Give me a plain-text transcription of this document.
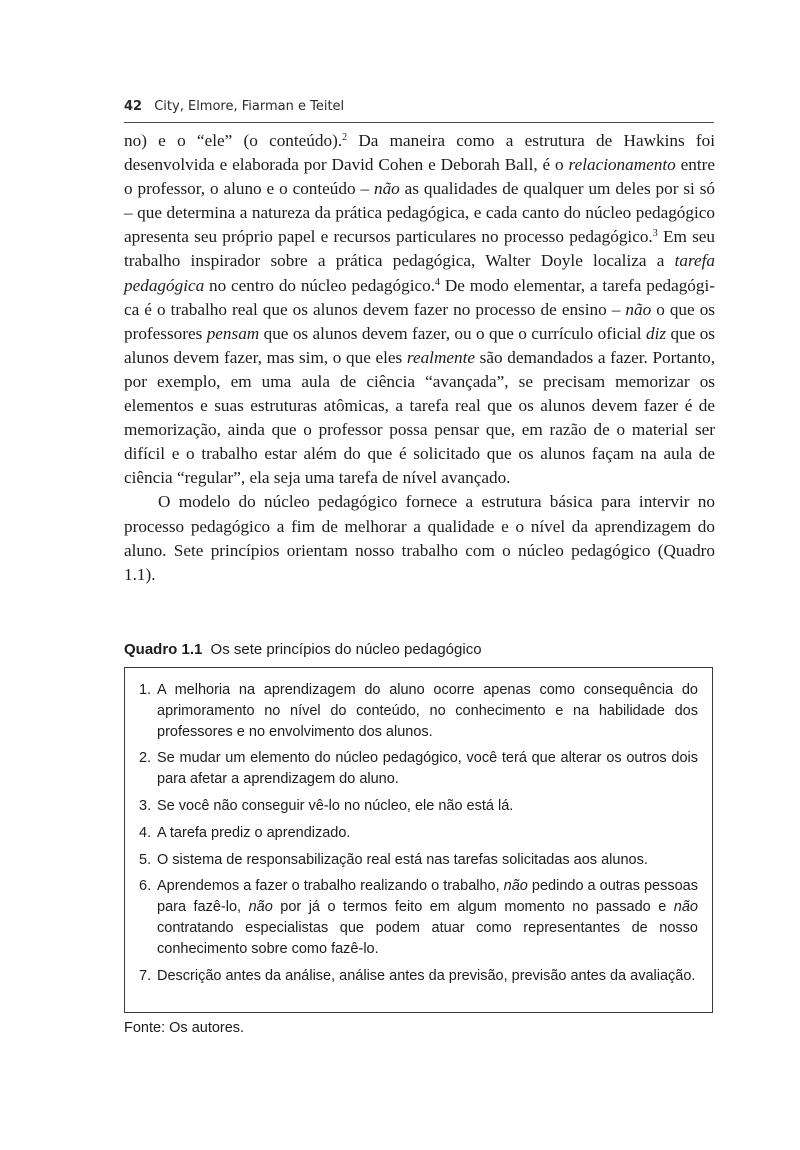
42 City, Elmore, Fiarman e Teitel

no) e o “ele” (o conteúdo).$^2$ Da maneira como a estrutura de Hawkins foi desenvolvida e elaborada por David Cohen e Deborah Ball, é o relacionamento entre o professor, o aluno e o conteúdo – não as qualidades de qualquer um deles por si só – que determina a natureza da prática pedagógica, e cada canto do núcleo pedagógico apresenta seu próprio papel e recursos particulares no processo pedagógico.$^3$ Em seu trabalho inspirador sobre a prática pedagógica, Walter Doyle localiza a tarefa pedagógica no centro do núcleo pedagógico.$^4$ De modo elementar, a tarefa pedagógica é o trabalho real que os alunos devem fazer no processo de ensino – não o que os professores pensam que os alunos devem fazer, ou o que o currículo oficial diz que os alunos devem fazer, mas sim, o que eles realmente são demandados a fazer. Portanto, por exemplo, em uma aula de ciência “avançada”, se precisam memorizar os elementos e suas estruturas atômicas, a tarefa real que os alunos devem fazer é de memorização, ainda que o professor possa pensar que, em razão de o material ser difícil e o trabalho estar além do que é solicitado que os alunos façam na aula de ciência “regular”, ela seja uma tarefa de nível avançado.

O modelo do núcleo pedagógico fornece a estrutura básica para intervir no processo pedagógico a fim de melhorar a qualidade e o nível da aprendizagem do aluno. Sete princípios orientam nosso trabalho com o núcleo pedagógico (Quadro 1.1).

Quadro 1.1 Os sete princípios do núcleo pedagógico
1. A melhoria na aprendizagem do aluno ocorre apenas como consequência do aprimoramento no nível do conteúdo, no conhecimento e na habilidade dos professores e no envolvimento dos alunos.
2. Se mudar um elemento do núcleo pedagógico, você terá que alterar os outros dois para afetar a aprendizagem do aluno.
3. Se você não conseguir vê-lo no núcleo, ele não está lá.
4. A tarefa prediz o aprendizado.
5. O sistema de responsabilização real está nas tarefas solicitadas aos alunos.
6. Aprendemos a fazer o trabalho realizando o trabalho, não pedindo a outras pessoas para fazê-lo, não por já o termos feito em algum momento no passado e não contratando especialistas que podem atuar como representantes de nosso conhecimento sobre como fazê-lo.
7. Descrição antes da análise, análise antes da previsão, previsão antes da avaliação.
Fonte: Os autores.
